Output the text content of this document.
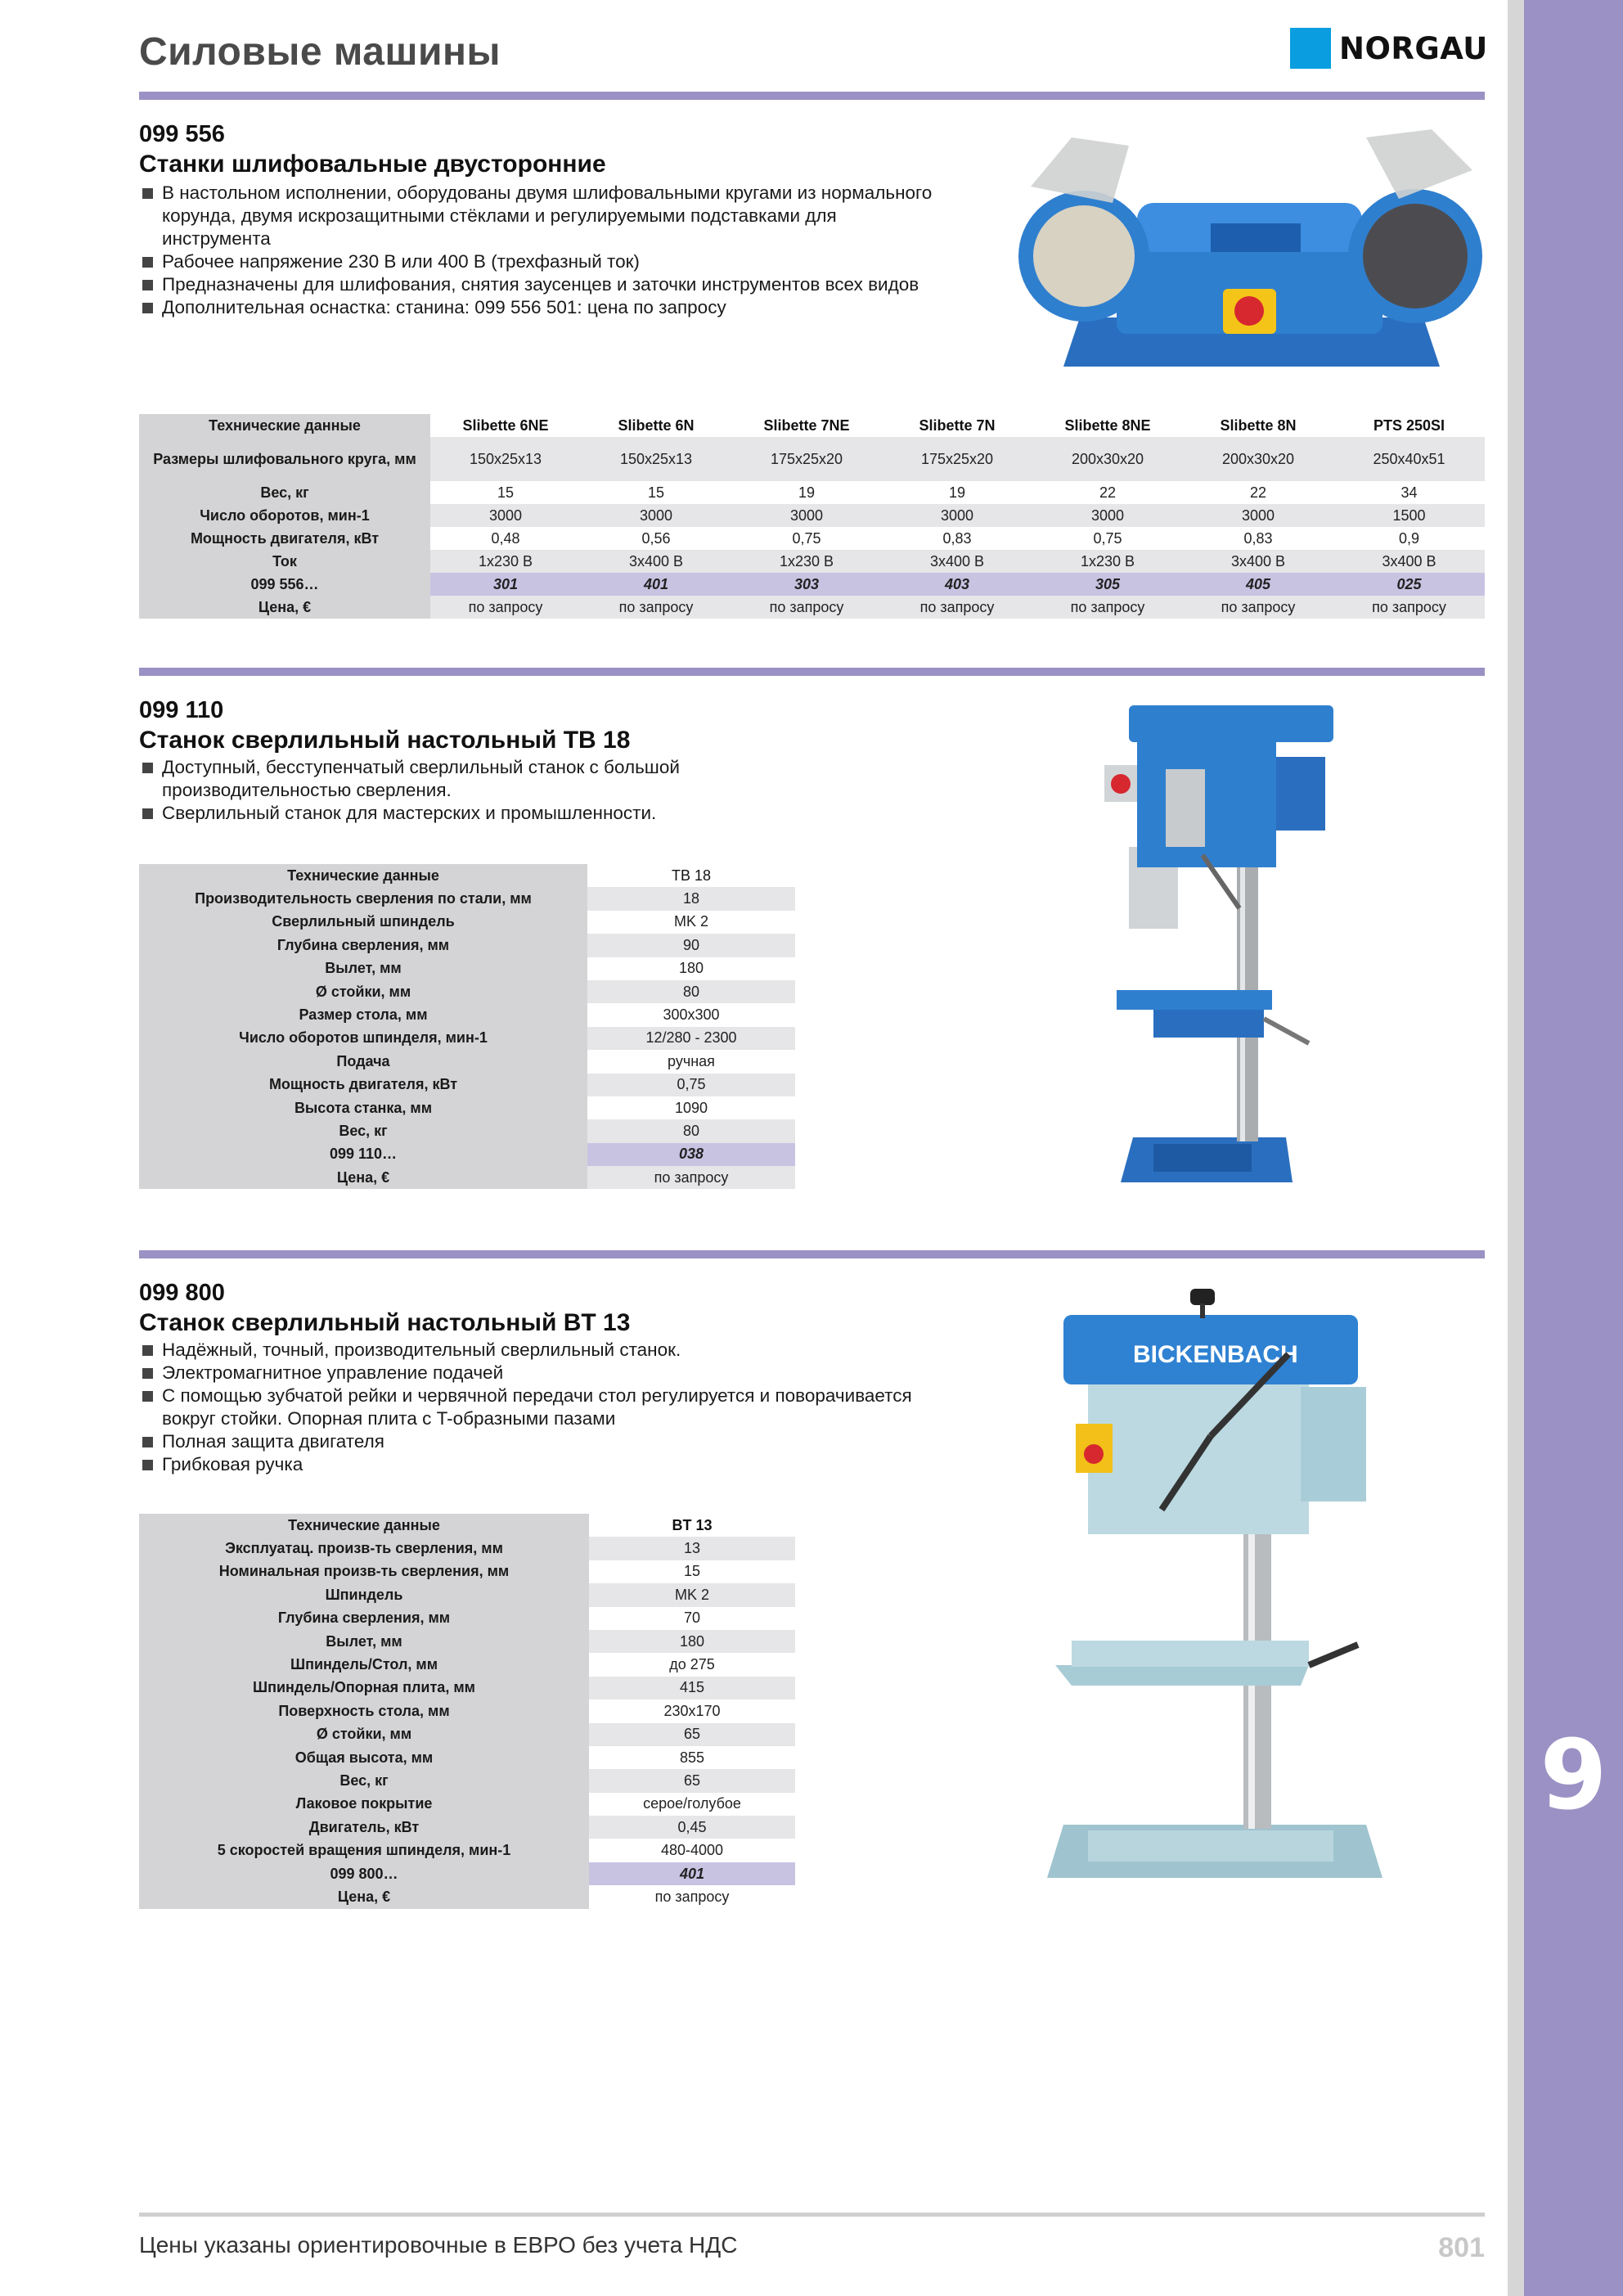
9
Силовые машины	NORGAU
099 556
Станки шлифовальные двусторонние
В настольном исполнении, оборудованы двумя шлифовальными кругами из нормального корунда, двумя искрозащитными стёклами и регулируемыми подставками для инструмента
Рабочее напряжение 230 В или 400 В (трехфазный ток)
Предназначены для шлифования, снятия заусенцев и заточки инструментов всех видов
Дополнительная оснастка: станина: 099 556 501: цена по запросу
Технические данные	Slibette 6NE	Slibette 6N	Slibette 7NE	Slibette 7N	Slibette 8NE	Slibette 8N	PTS 250SI
Размеры шлифовального круга, мм	150x25x13	150x25x13	175x25x20	175x25x20	200x30x20	200x30x20	250x40x51
Вес, кг	15	15	19	19	22	22	34
Число оборотов, мин-1	3000	3000	3000	3000	3000	3000	1500
Мощность двигателя, кВт	0,48	0,56	0,75	0,83	0,75	0,83	0,9
Ток	1x230 В	3x400 В	1x230 В	3x400 В	1x230 В	3x400 В	3x400 В
099 556…	301	401	303	403	305	405	025
Цена, €	по запросу	по запросу	по запросу	по запросу	по запросу	по запросу	по запросу
099 110
Станок сверлильный настольный TB 18
Доступный, бесступенчатый сверлильный станок с большой производительностью сверления.
Сверлильный станок для мастерских и промышленности.
Технические данные	TB 18
Производительность сверления по стали, мм	18
Сверлильный шпиндель	MK 2
Глубина сверления, мм	90
Вылет, мм	180
Ø стойки, мм	80
Размер стола, мм	300x300
Число оборотов шпинделя, мин-1	12/280 - 2300
Подача	ручная
Мощность двигателя, кВт	0,75
Высота станка, мм	1090
Вес, кг	80
099 110…	038
Цена, €	по запросу
099 800
Станок сверлильный настольный BT 13
Надёжный, точный, производительный сверлильный станок.
Электромагнитное управление подачей
С помощью зубчатой рейки и червячной передачи стол регулируется и поворачивается вокруг стойки. Опорная плита с T-образными пазами
Полная защита двигателя
Грибковая ручка
BICKENBACH
Технические данные	BT 13
Эксплуатац. произв-ть сверления, мм	13
Номинальная произв-ть сверления, мм	15
Шпиндель	MK 2
Глубина сверления, мм	70
Вылет, мм	180
Шпиндель/Стол, мм	до 275
Шпиндель/Опорная плита, мм	415
Поверхность стола, мм	230x170
Ø стойки, мм	65
Общая высота, мм	855
Вес, кг	65
Лаковое покрытие	серое/голубое
Двигатель, кВт	0,45
5 скоростей вращения шпинделя, мин-1	480-4000
099 800…	401
Цена, €	по запросу
Цены указаны ориентировочные в ЕВРО без учета НДС	801
